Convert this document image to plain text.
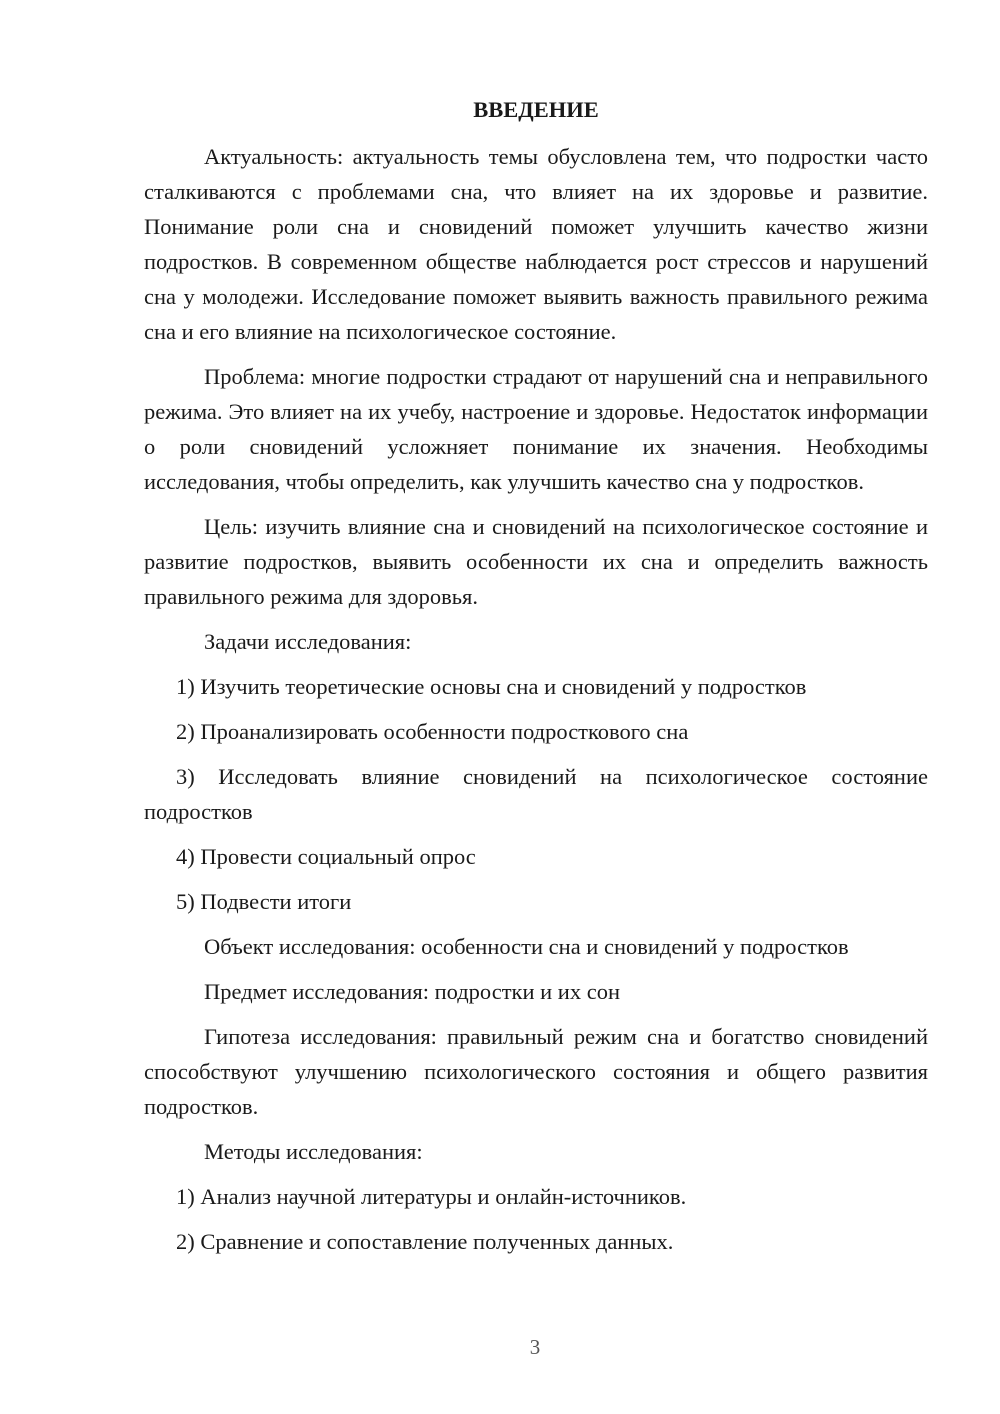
ВВЕДЕНИЕ

Актуальность: актуальность темы обусловлена тем, что подростки часто сталкиваются с проблемами сна, что влияет на их здоровье и развитие. Понимание роли сна и сновидений поможет улучшить качество жизни подростков. В современном обществе наблюдается рост стрессов и нарушений сна у молодежи. Исследование поможет выявить важность правильного режима сна и его влияние на психологическое состояние.

Проблема: многие подростки страдают от нарушений сна и неправильного режима. Это влияет на их учебу, настроение и здоровье. Недостаток информации о роли сновидений усложняет понимание их значения. Необходимы исследования, чтобы определить, как улучшить качество сна у подростков.

Цель: изучить влияние сна и сновидений на психологическое состояние и развитие подростков, выявить особенности их сна и определить важность правильного режима для здоровья.

Задачи исследования:

1) Изучить теоретические основы сна и сновидений у подростков

2) Проанализировать особенности подросткового сна

3) Исследовать влияние сновидений на психологическое состояние подростков

4) Провести социальный опрос

5) Подвести итоги

Объект исследования: особенности сна и сновидений у подростков

Предмет исследования: подростки и их сон

Гипотеза исследования: правильный режим сна и богатство сновидений способствуют улучшению психологического состояния и общего развития подростков.

Методы исследования:

1) Анализ научной литературы и онлайн-источников.

2) Сравнение и сопоставление полученных данных.

3
